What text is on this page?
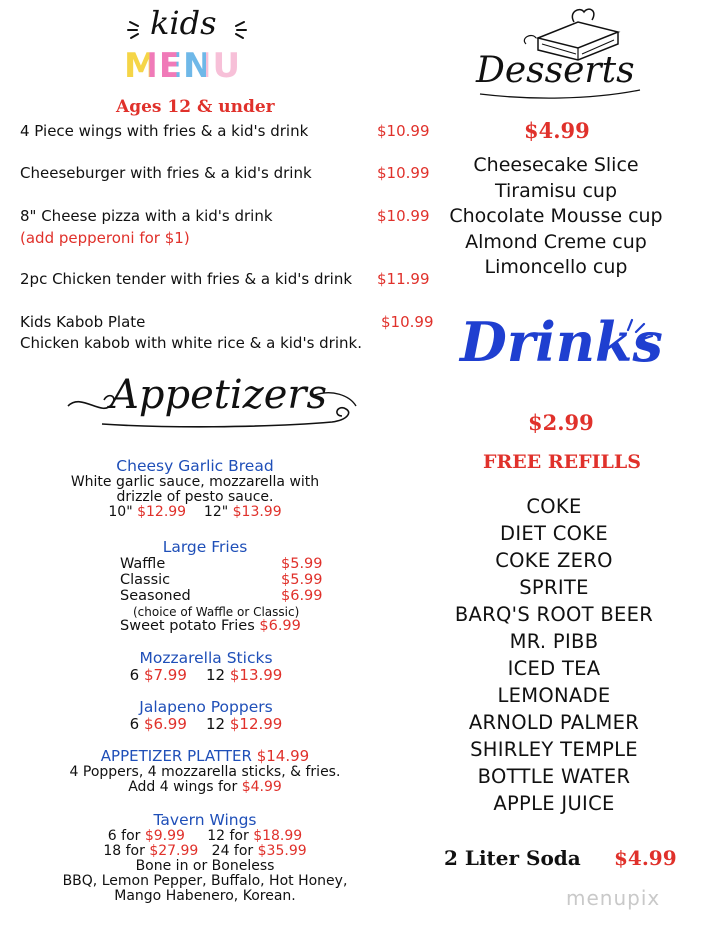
kids
MENU
Ages 12 & under
4 Piece wings with fries & a kid's drink	$10.99
Cheeseburger with fries & a kid's drink	$10.99
8" Cheese pizza with a kid's drink	$10.99
(add pepperoni for $1)
2pc Chicken tender with fries & a kid's drink $11.99
Kids Kabob Plate	$10.99
Chicken kabob with white rice & a kid's drink.
Appetizers
Cheesy Garlic Bread
White garlic sauce, mozzarella with
drizzle of pesto sauce.
10" $12.99 12" $13.99
Large Fries
Waffle	$5.99
Classic	$5.99
Seasoned	$6.99
(choice of Waffle or Classic)
Sweet potato Fries $6.99
Mozzarella Sticks
6 $7.99 12 $13.99
Jalapeno Poppers
6 $6.99 12 $12.99
APPETIZER PLATTER $14.99
4 Poppers, 4 mozzarella sticks, & fries.
Add 4 wings for $4.99
Tavern Wings
6 for $9.99 12 for $18.99
18 for $27.99 24 for $35.99
Bone in or Boneless
BBQ, Lemon Pepper, Buffalo, Hot Honey,
Mango Habenero, Korean.
Desserts
$4.99
Cheesecake Slice
Tiramisu cup
Chocolate Mousse cup
Almond Creme cup
Limoncello cup
Drinks
$2.99
FREE REFILLS
COKE
DIET COKE
COKE ZERO
SPRITE
BARQ'S ROOT BEER
MR. PIBB
ICED TEA
LEMONADE
ARNOLD PALMER
SHIRLEY TEMPLE
BOTTLE WATER
APPLE JUICE
2 Liter Soda $4.99
menupix
